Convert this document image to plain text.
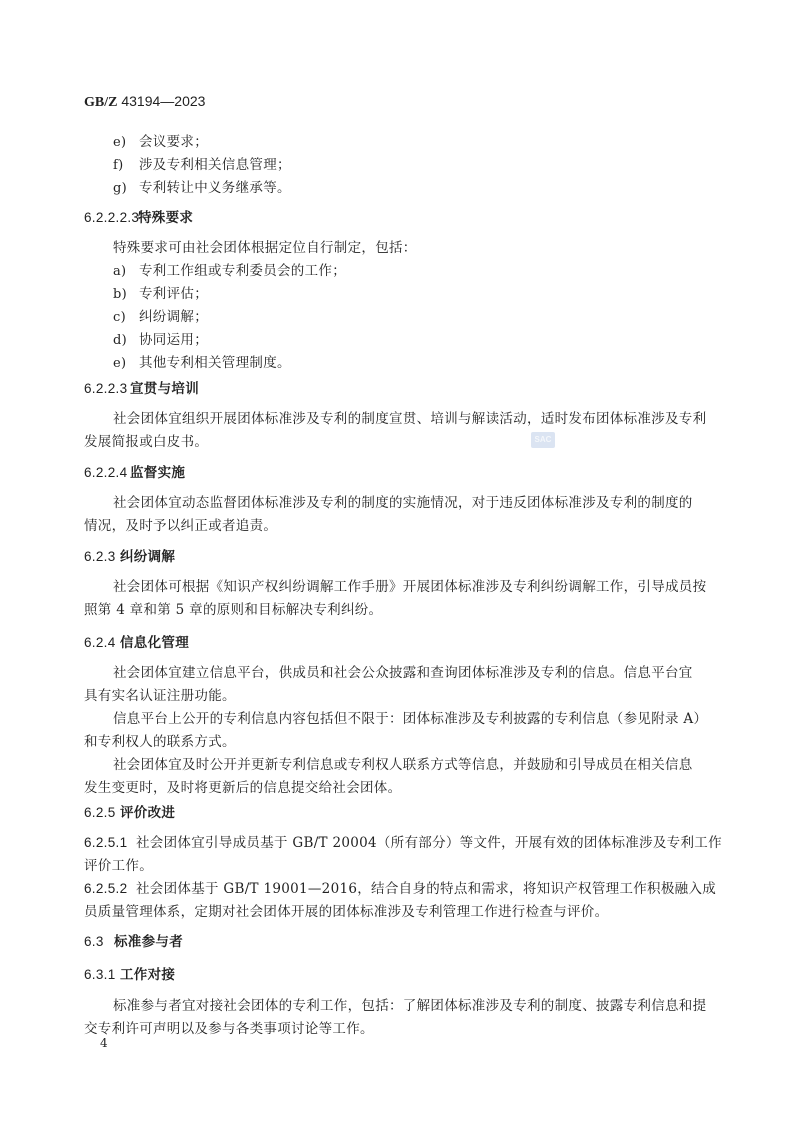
GB/Z 43194—2023
e) 会议要求；
f) 涉及专利相关信息管理；
g) 专利转让中义务继承等。
6.2.2.2.3特殊要求
特殊要求可由社会团体根据定位自行制定，包括：
a) 专利工作组或专利委员会的工作；
b) 专利评估；
c) 纠纷调解；
d) 协同运用；
e) 其他专利相关管理制度。
6.2.2.3 宣贯与培训
社会团体宜组织开展团体标准涉及专利的制度宣贯、培训与解读活动，适时发布团体标准涉及专利
发展简报或白皮书。	SAC
6.2.2.4 监督实施
社会团体宜动态监督团体标准涉及专利的制度的实施情况，对于违反团体标准涉及专利的制度的
情况，及时予以纠正或者追责。
6.2.3 纠纷调解
社会团体可根据《知识产权纠纷调解工作手册》开展团体标准涉及专利纠纷调解工作，引导成员按
照第 4 章和第 5 章的原则和目标解决专利纠纷。
6.2.4 信息化管理
社会团体宜建立信息平台，供成员和社会公众披露和查询团体标准涉及专利的信息。信息平台宜
具有实名认证注册功能。
信息平台上公开的专利信息内容包括但不限于：团体标准涉及专利披露的专利信息（参见附录 A）
和专利权人的联系方式。
社会团体宜及时公开并更新专利信息或专利权人联系方式等信息，并鼓励和引导成员在相关信息
发生变更时，及时将更新后的信息提交给社会团体。
6.2.5 评价改进
6.2.5.1 社会团体宜引导成员基于 GB/T 20004（所有部分）等文件，开展有效的团体标准涉及专利工作
评价工作。
6.2.5.2 社会团体基于 GB/T 19001—2016，结合自身的特点和需求，将知识产权管理工作积极融入成
员质量管理体系，定期对社会团体开展的团体标准涉及专利管理工作进行检查与评价。
6.3 标准参与者
6.3.1 工作对接
标准参与者宜对接社会团体的专利工作，包括：了解团体标准涉及专利的制度、披露专利信息和提
交专利许可声明以及参与各类事项讨论等工作。
4
